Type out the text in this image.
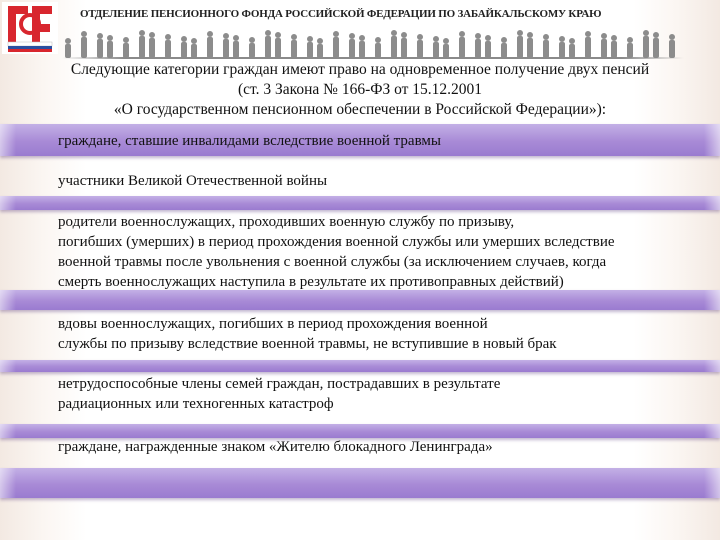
ОТДЕЛЕНИЕ ПЕНСИОННОГО ФОНДА РОССИЙСКОЙ ФЕДЕРАЦИИ ПО ЗАБАЙКАЛЬСКОМУ КРАЮ
Следующие категории граждан имеют право на одновременное получение двух пенсий
(ст. 3 Закона № 166-ФЗ от 15.12.2001
«О государственном пенсионном обеспечении в Российской Федерации»):
граждане, ставшие инвалидами вследствие военной травмы
участники Великой Отечественной войны
родители военнослужащих, проходивших военную службу по призыву,
погибших (умерших) в период прохождения военной службы или умерших вследствие
военной травмы после увольнения с военной службы (за исключением случаев, когда
смерть военнослужащих наступила в результате их противоправных действий)
вдовы военнослужащих, погибших в период прохождения военной
службы по призыву вследствие военной травмы, не вступившие в новый брак
нетрудоспособные члены семей граждан, пострадавших в результате
радиационных или техногенных катастроф
граждане, награжденные знаком «Жителю блокадного Ленинграда»
